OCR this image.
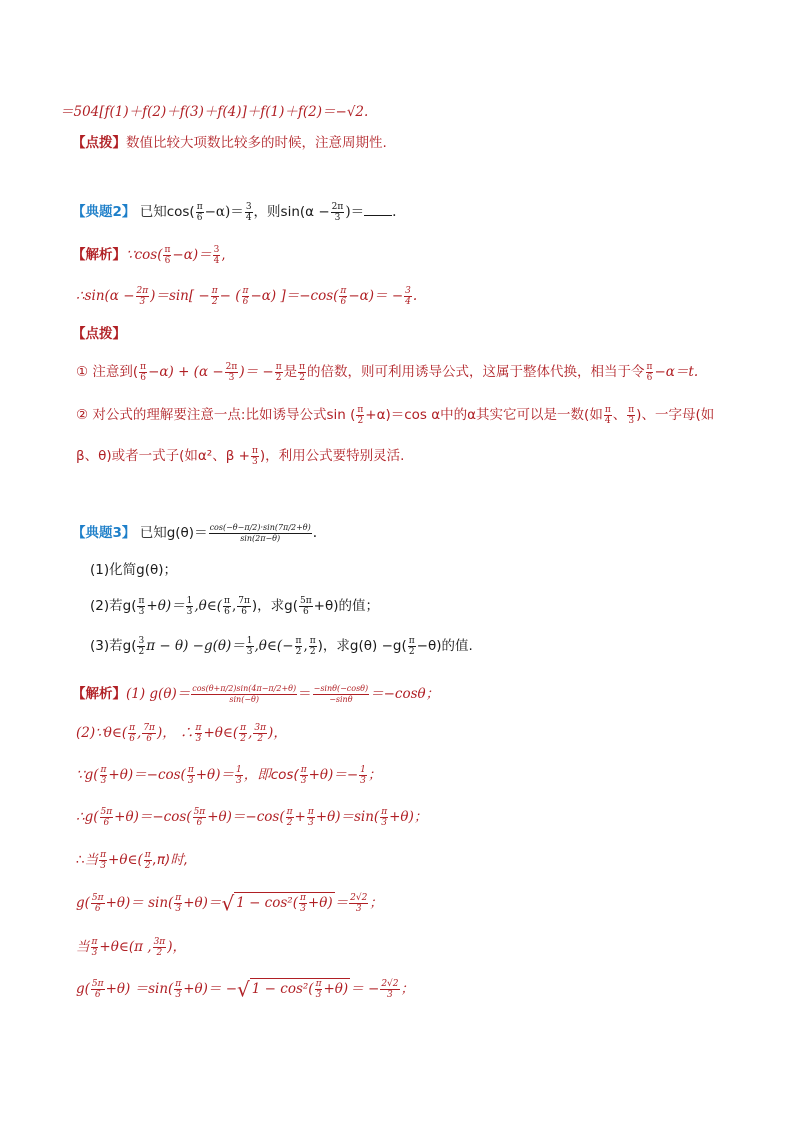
＝504[f(1)＋f(2)＋f(3)＋f(4)]＋f(1)＋f(2)＝−√2.
【点拨】数值比较大项数比较多的时候，注意周期性.
【典题2】 已知$\cos( \frac{\pi}{6} -\alpha)= \frac{3}{4}$ ，则$\sin(\alpha - \frac{2\pi}{3}$ )＝ .
【解析】∵cos( $\frac{\pi}{6} -\alpha)= \frac{3}{4}$ ,
∴sin(α − $\frac{2\pi}{3} )=\sin[ - \frac{\pi}{2}$ − ( $\frac{\pi}{6} -\alpha$) ]$=-\cos( \frac{\pi}{6} -\alpha)= - \frac{3}{4}$ .
【点拨】
① 注意到( $\frac{\pi}{6} -\alpha) + (\alpha - \frac{2\pi}{3}$ )＝ − $\frac{\pi}{2}$ 是 $\frac{\pi}{2}$ 的倍数，则可利用诱导公式，这属于整体代换，相当于令 $\frac{\pi}{6} -\alpha=t$.
② 对公式的理解要注意一点:比如诱导公式sin ( $\frac{\pi}{2} +\alpha)=\cos$ α中的α其实它可以是一数(如 $\frac{\pi}{4}$ 、 $\frac{\pi}{3}$ )、一字母(如
β、θ)或者一式子(如α²、$\beta + \frac{\pi}{3}$ )，利用公式要特别灵活.
【典题3】 已知$g(\theta)= \frac{\cos(-\theta-\pi/2)\cdot\sin(7\pi/2+\theta)}{\sin(2\pi-\theta)}$ .
(1)化简g(θ)；
(2)若$g( \frac{\pi}{3} +\theta)= \frac{1}{3}$ ,θ∈( $\frac{\pi}{6}$ , $\frac{7\pi}{6}$ )，求$g( \frac{5\pi}{6} +\theta)$的值；
(3)若$g( \frac{3}{2}$ $\pi - \theta) -g(\theta)= \frac{1}{3}$ ,θ∈(− $\frac{\pi}{2}$ , $\frac{\pi}{2}$ )，求$g(\theta) -g( \frac{\pi}{2} -\theta)$的值.
【解析】(1) $g(\theta)= \frac{\cos(\theta+\pi/2)\sin(4\pi-\pi/2+\theta)}{\sin(-\theta)} = \frac{-\sin\theta(-\cos\theta)}{-\sin\theta} =-\cos\theta$；
(2)∵θ∈( $\frac{\pi}{6}$ , $\frac{7\pi}{6}$ )， ∴ $\frac{\pi}{3}$ +θ∈( $\frac{\pi}{2}$ , $\frac{3\pi}{2}$ )，
∵g( $\frac{\pi}{3} +\theta)=-\cos( \frac{\pi}{3} +\theta)= \frac{1}{3}$ ，即$\cos( \frac{\pi}{3} +\theta)=- \frac{1}{3}$ ；
∴g( $\frac{5\pi}{6} +\theta)=-\cos( \frac{5\pi}{6} +\theta)=-\cos( \frac{\pi}{2} + \frac{\pi}{3} +\theta)=\sin( \frac{\pi}{3} +\theta)$；
∴当 $\frac{\pi}{3}$ +θ∈( $\frac{\pi}{2} ,\pi$)时,
$g( \frac{5\pi}{6} +\theta)= \sin( \frac{\pi}{3} +\theta)=√$ $1 - \cos^2( \frac{\pi}{3} +\theta) = \frac{2√2}{3}$ ；
当 $\frac{\pi}{3}$ +θ∈(π , $\frac{3\pi}{2}$ )，
$g( \frac{5\pi}{6} +\theta) =\sin( \frac{\pi}{3} +\theta)=$ −√ $1 - \cos^2( \frac{\pi}{3} +\theta)$ ＝ − $\frac{2√2}{3}$ ；
